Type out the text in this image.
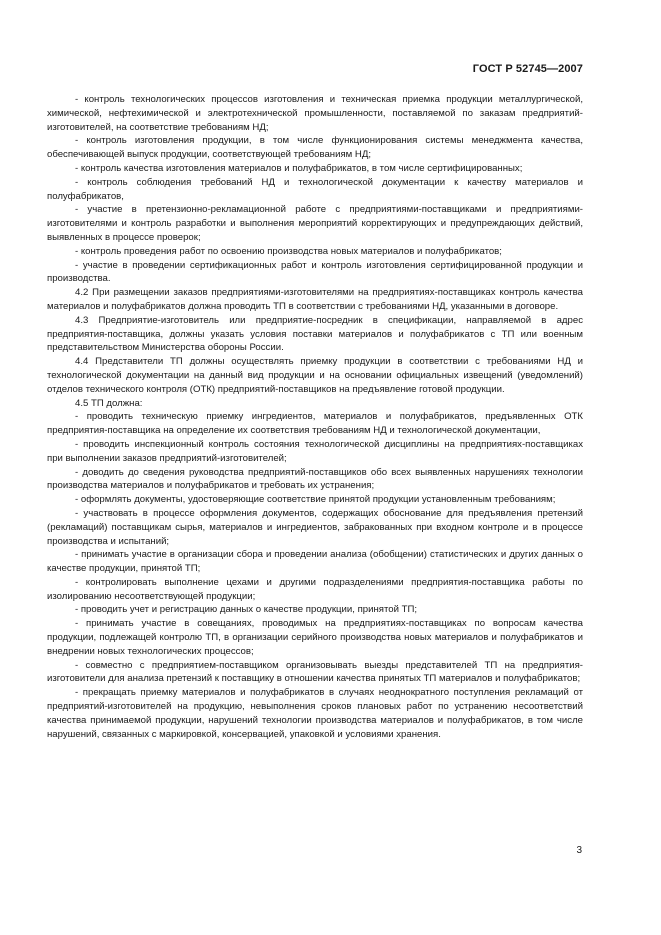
ГОСТ Р 52745—2007

- контроль технологических процессов изготовления и техническая приемка продукции металлургической, химической, нефтехимической и электротехнической промышленности, поставляемой по заказам предприятий-изготовителей, на соответствие требованиям НД;

- контроль изготовления продукции, в том числе функционирования системы менеджмента качества, обеспечивающей выпуск продукции, соответствующей требованиям НД;

- контроль качества изготовления материалов и полуфабрикатов, в том числе сертифицированных;

- контроль соблюдения требований НД и технологической документации к качеству материалов и полуфабрикатов,

- участие в претензионно-рекламационной работе с предприятиями-поставщиками и предприятиями-изготовителями и контроль разработки и выполнения мероприятий корректирующих и предупреждающих действий, выявленных в процессе проверок;

- контроль проведения работ по освоению производства новых материалов и полуфабрикатов;

- участие в проведении сертификационных работ и контроль изготовления сертифицированной продукции и производства.

4.2 При размещении заказов предприятиями-изготовителями на предприятиях-поставщиках контроль качества материалов и полуфабрикатов должна проводить ТП в соответствии с требованиями НД, указанными в договоре.

4.3 Предприятие-изготовитель или предприятие-посредник в спецификации, направляемой в адрес предприятия-поставщика, должны указать условия поставки материалов и полуфабрикатов с ТП или военным представительством Министерства обороны России.

4.4 Представители ТП должны осуществлять приемку продукции в соответствии с требованиями НД и технологической документации на данный вид продукции и на основании официальных извещений (уведомлений) отделов технического контроля (ОТК) предприятий-поставщиков на предъявление готовой продукции.

4.5 ТП должна:

- проводить техническую приемку ингредиентов, материалов и полуфабрикатов, предъявленных ОТК предприятия-поставщика на определение их соответствия требованиям НД и технологической документации,

- проводить инспекционный контроль состояния технологической дисциплины на предприятиях-поставщиках при выполнении заказов предприятий-изготовителей;

- доводить до сведения руководства предприятий-поставщиков обо всех выявленных нарушениях технологии производства материалов и полуфабрикатов и требовать их устранения;

- оформлять документы, удостоверяющие соответствие принятой продукции установленным требованиям;

- участвовать в процессе оформления документов, содержащих обоснование для предъявления претензий (рекламаций) поставщикам сырья, материалов и ингредиентов, забракованных при входном контроле и в процессе производства и испытаний;

- принимать участие в организации сбора и проведении анализа (обобщении) статистических и других данных о качестве продукции, принятой ТП;

- контролировать выполнение цехами и другими подразделениями предприятия-поставщика работы по изолированию несоответствующей продукции;

- проводить учет и регистрацию данных о качестве продукции, принятой ТП;

- принимать участие в совещаниях, проводимых на предприятиях-поставщиках по вопросам качества продукции, подлежащей контролю ТП, в организации серийного производства новых материалов и полуфабрикатов и внедрении новых технологических процессов;

- совместно с предприятием-поставщиком организовывать выезды представителей ТП на предприятия-изготовители для анализа претензий к поставщику в отношении качества принятых ТП материалов и полуфабрикатов;

- прекращать приемку материалов и полуфабрикатов в случаях неоднократного поступления рекламаций от предприятий-изготовителей на продукцию, невыполнения сроков плановых работ по устранению несоответствий качества принимаемой продукции, нарушений технологии производства материалов и полуфабрикатов, в том числе нарушений, связанных с маркировкой, консервацией, упаковкой и условиями хранения.

3
